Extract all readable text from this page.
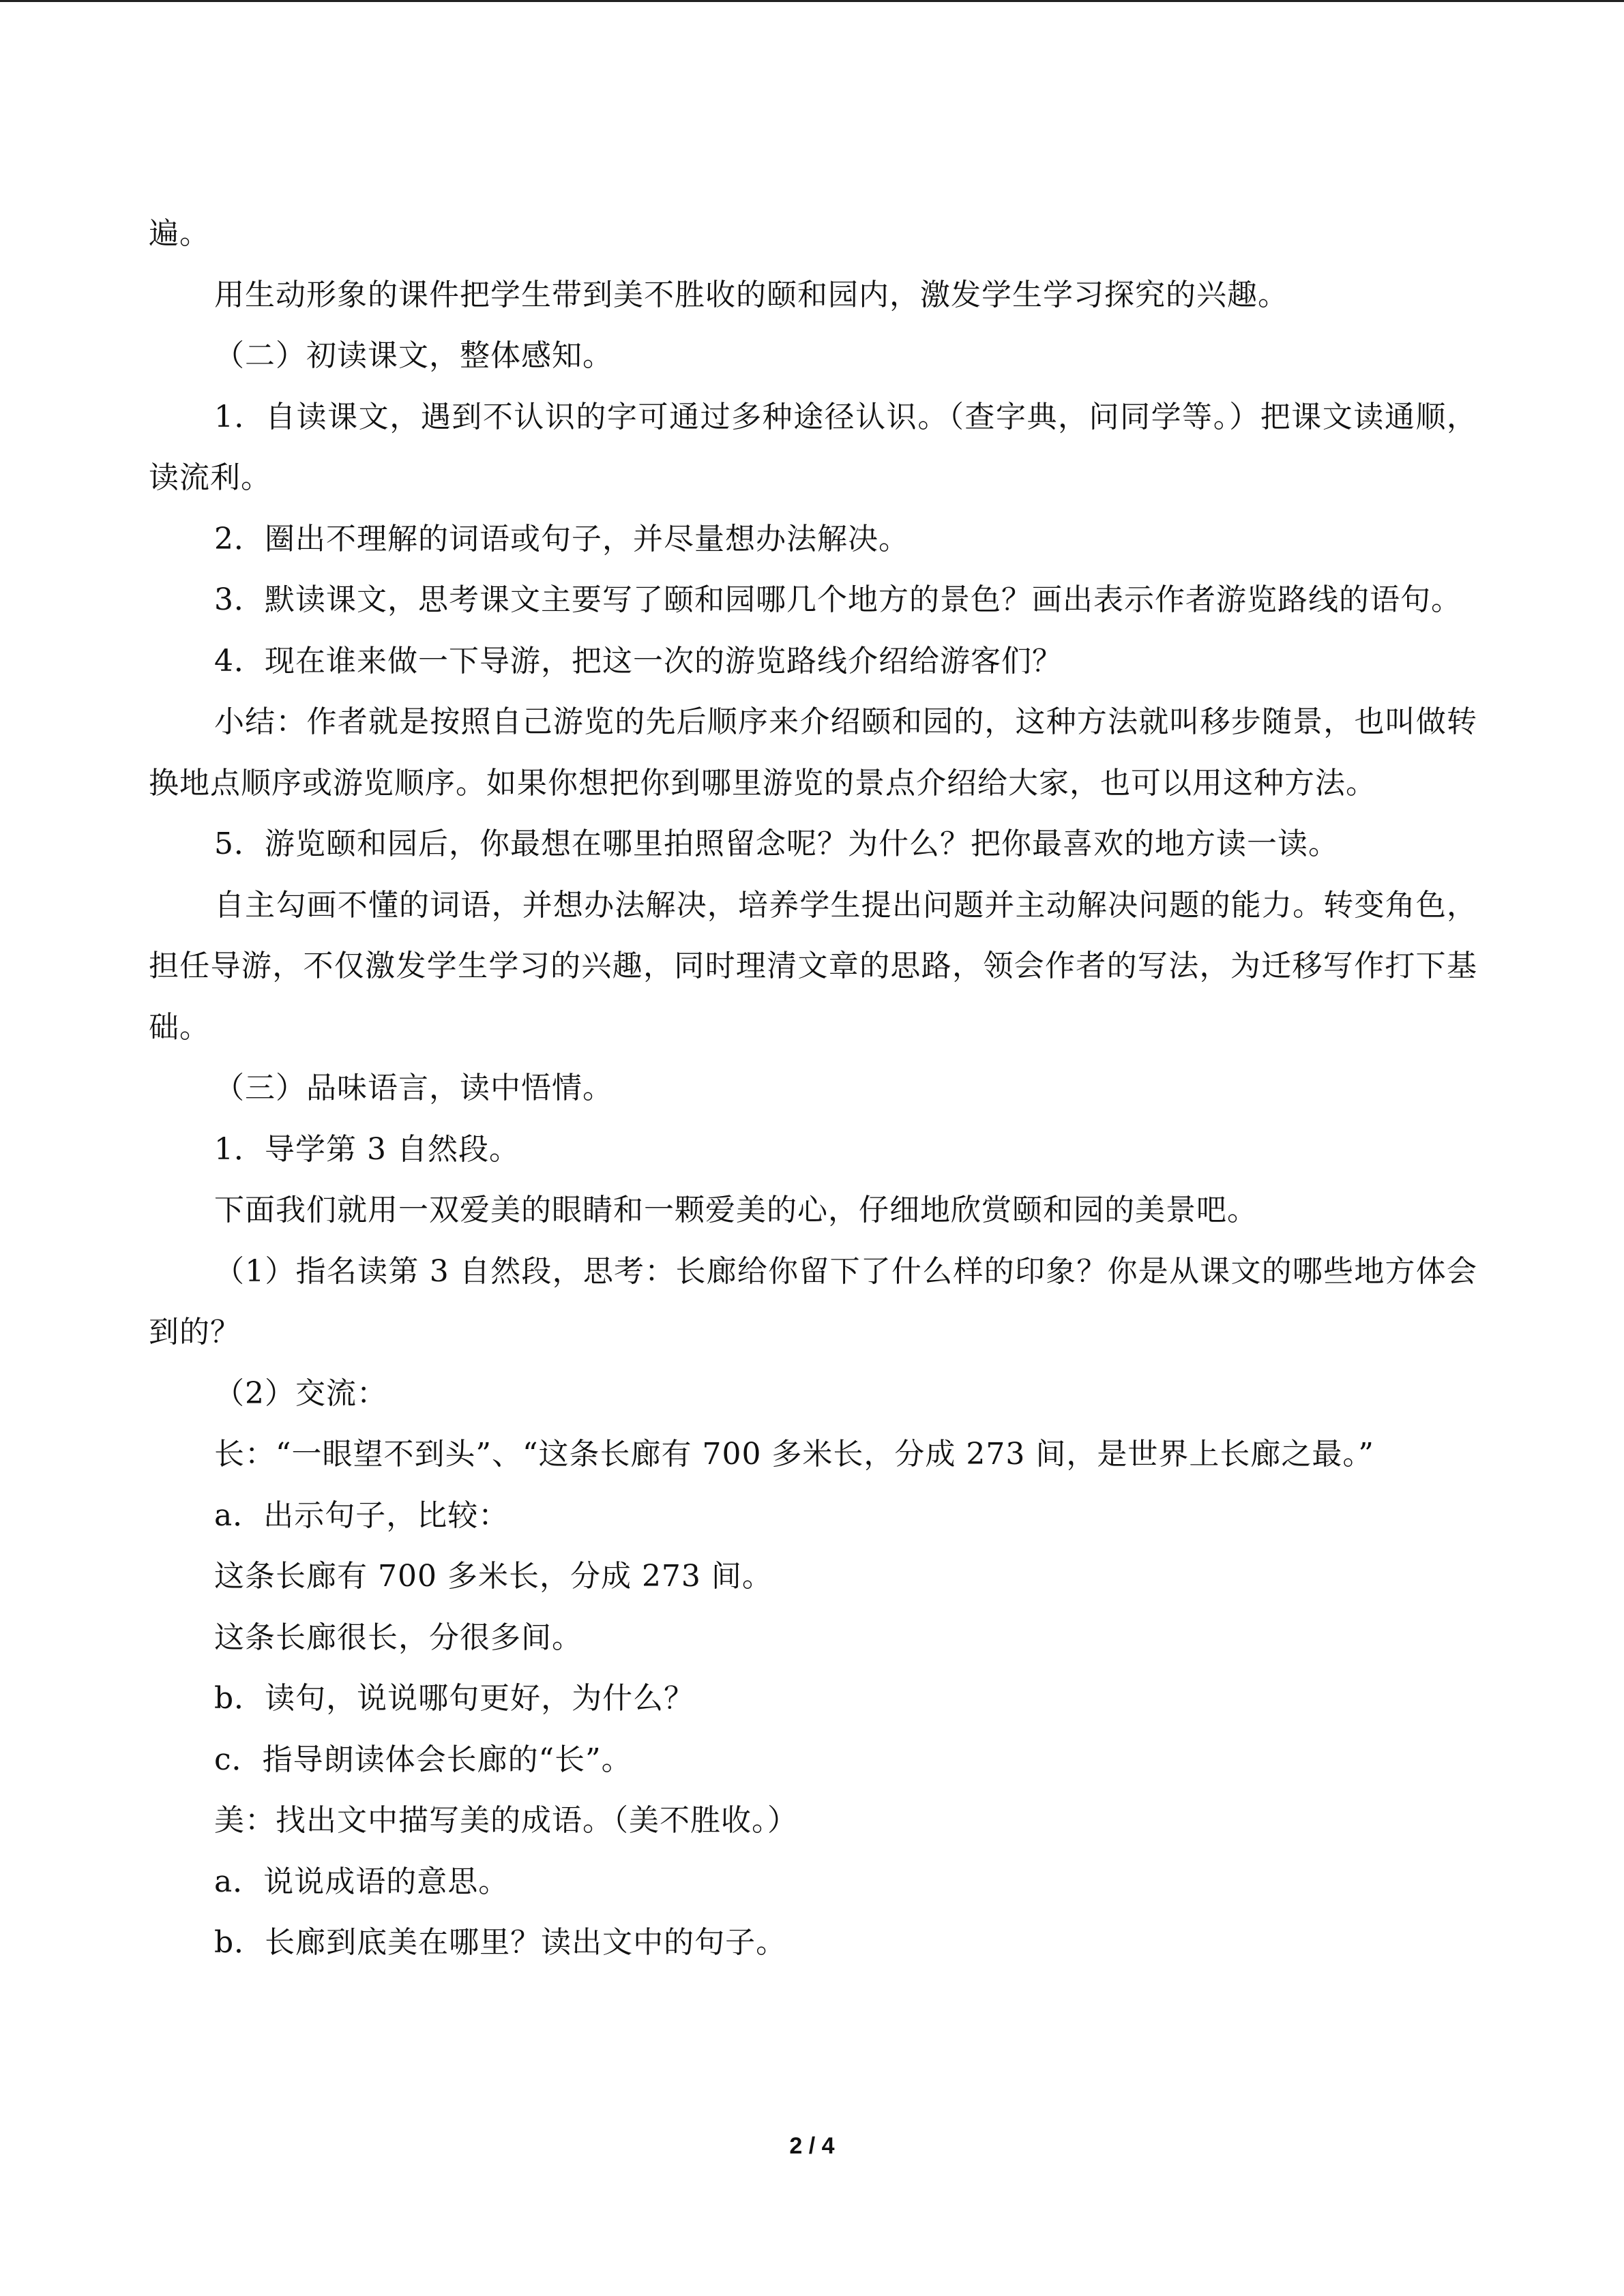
遍。

用生动形象的课件把学生带到美不胜收的颐和园内，激发学生学习探究的兴趣。

（二）初读课文，整体感知。

1．自读课文，遇到不认识的字可通过多种途径认识。（查字典，问同学等。）把课文读通顺，读流利。

2．圈出不理解的词语或句子，并尽量想办法解决。

3．默读课文，思考课文主要写了颐和园哪几个地方的景色？画出表示作者游览路线的语句。

4．现在谁来做一下导游，把这一次的游览路线介绍给游客们？

小结：作者就是按照自己游览的先后顺序来介绍颐和园的，这种方法就叫移步随景，也叫做转换地点顺序或游览顺序。如果你想把你到哪里游览的景点介绍给大家，也可以用这种方法。

5．游览颐和园后，你最想在哪里拍照留念呢？为什么？把你最喜欢的地方读一读。

自主勾画不懂的词语，并想办法解决，培养学生提出问题并主动解决问题的能力。转变角色，担任导游，不仅激发学生学习的兴趣，同时理清文章的思路，领会作者的写法，为迁移写作打下基础。

（三）品味语言，读中悟情。

1．导学第 3 自然段。

下面我们就用一双爱美的眼睛和一颗爱美的心，仔细地欣赏颐和园的美景吧。

（1）指名读第 3 自然段，思考：长廊给你留下了什么样的印象？你是从课文的哪些地方体会到的？

（2）交流：

长：“一眼望不到头”、“这条长廊有 700 多米长，分成 273 间，是世界上长廊之最。”

a．出示句子，比较：

这条长廊有 700 多米长，分成 273 间。

这条长廊很长，分很多间。

b．读句，说说哪句更好，为什么？

c．指导朗读体会长廊的“长”。

美：找出文中描写美的成语。（美不胜收。）

a．说说成语的意思。

b．长廊到底美在哪里？读出文中的句子。

2 / 4
